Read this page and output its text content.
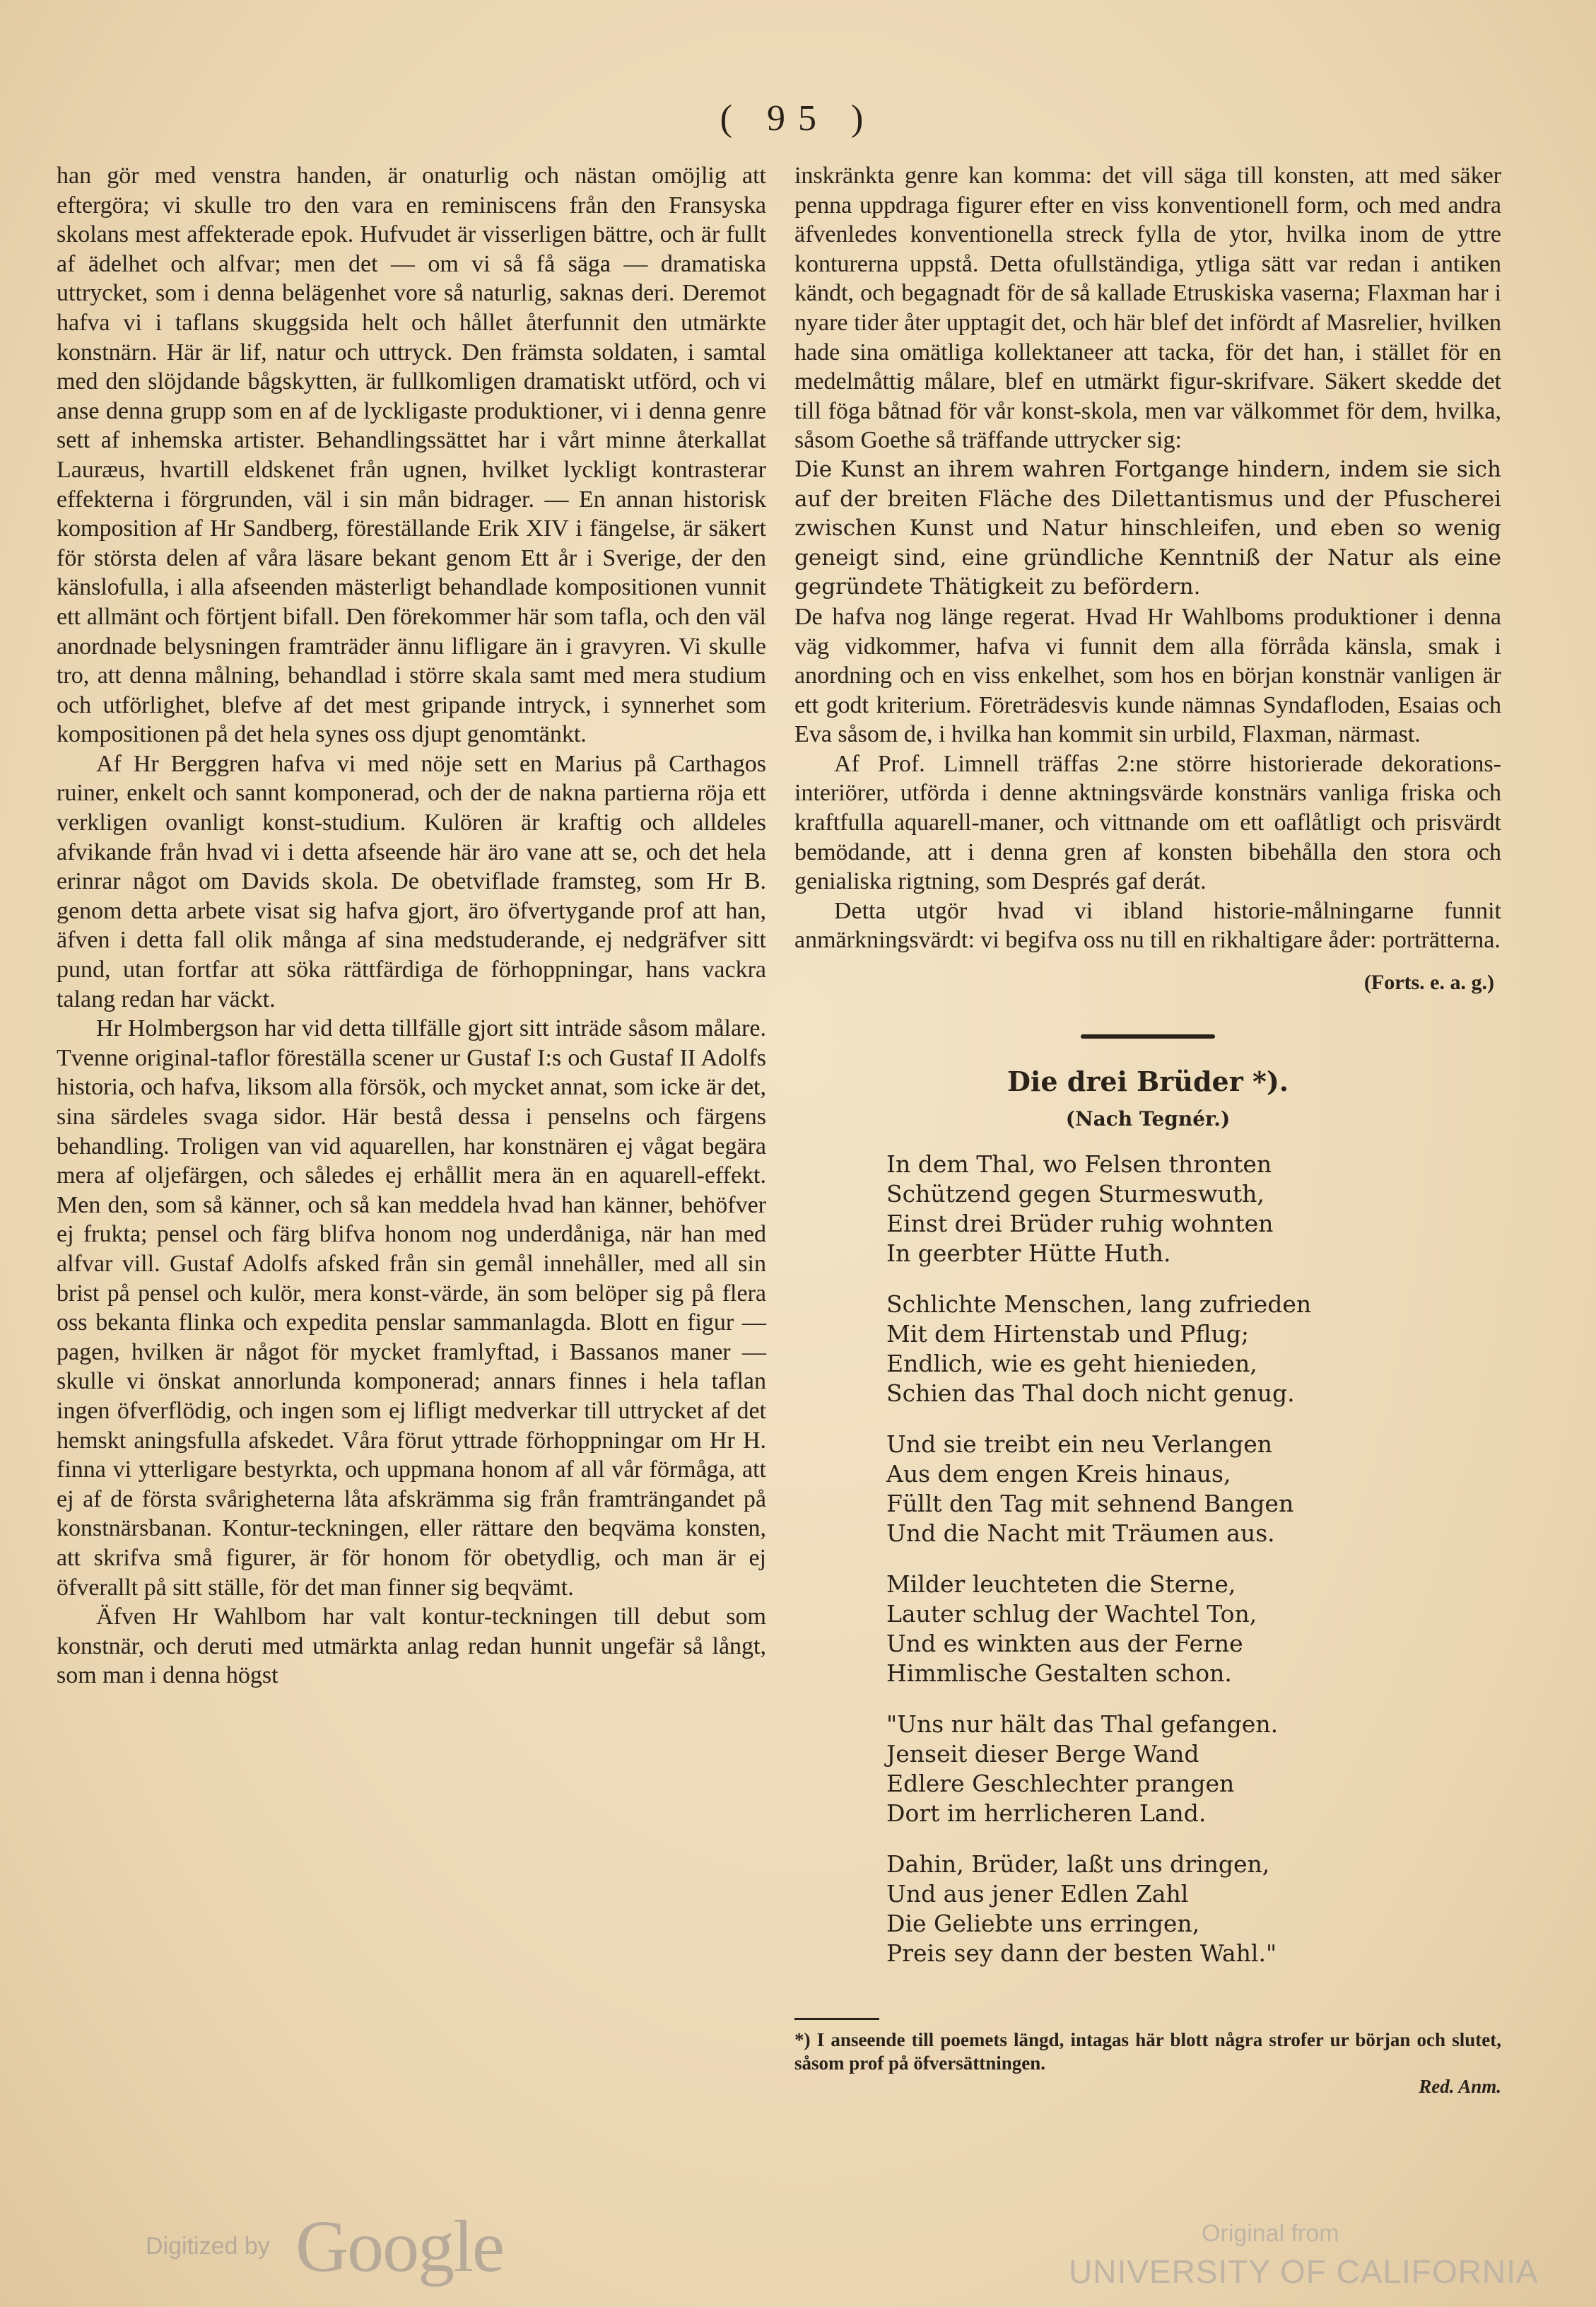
( 95 )

han gör med venstra handen, är onaturlig och nästan omöjlig att eftergöra; vi skulle tro den vara en reminiscens från den Fransyska skolans mest affekterade epok. Hufvudet är visserligen bättre, och är fullt af ädelhet och alfvar; men det — om vi så få säga — dramatiska uttrycket, som i denna belägenhet vore så naturlig, saknas deri. Deremot hafva vi i taflans skuggsida helt och hållet återfunnit den utmärkte konstnärn. Här är lif, natur och uttryck. Den främsta soldaten, i samtal med den slöjdande bågskytten, är fullkomligen dramatiskt utförd, och vi anse denna grupp som en af de lyckligaste produktioner, vi i denna genre sett af inhemska artister. Behandlingssättet har i vårt minne återkallat Lauræus, hvartill eldskenet från ugnen, hvilket lyckligt kontrasterar effekterna i förgrunden, väl i sin mån bidrager. — En annan historisk komposition af Hr Sandberg, föreställande Erik XIV i fängelse, är säkert för största delen af våra läsare bekant genom Ett år i Sverige, der den känslofulla, i alla afseenden mästerligt behandlade kompositionen vunnit ett allmänt och förtjent bifall. Den förekommer här som tafla, och den väl anordnade belysningen framträder ännu lifligare än i gravyren. Vi skulle tro, att denna målning, behandlad i större skala samt med mera studium och utförlighet, blefve af det mest gripande intryck, i synnerhet som kompositionen på det hela synes oss djupt genomtänkt.

Af Hr Berggren hafva vi med nöje sett en Marius på Carthagos ruiner, enkelt och sannt komponerad, och der de nakna partierna röja ett verkligen ovanligt konst-studium. Kulören är kraftig och alldeles afvikande från hvad vi i detta afseende här äro vane att se, och det hela erinrar något om Davids skola. De obetviflade framsteg, som Hr B. genom detta arbete visat sig hafva gjort, äro öfvertygande prof att han, äfven i detta fall olik många af sina medstuderande, ej nedgräfver sitt pund, utan fortfar att söka rättfärdiga de förhoppningar, hans vackra talang redan har väckt.

Hr Holmbergson har vid detta tillfälle gjort sitt inträde såsom målare. Tvenne original-taflor föreställa scener ur Gustaf I:s och Gustaf II Adolfs historia, och hafva, liksom alla försök, och mycket annat, som icke är det, sina särdeles svaga sidor. Här bestå dessa i penselns och färgens behandling. Troligen van vid aquarellen, har konstnären ej vågat begära mera af oljefärgen, och således ej erhållit mera än en aquarell-effekt. Men den, som så känner, och så kan meddela hvad han känner, behöfver ej frukta; pensel och färg blifva honom nog underdåniga, när han med alfvar vill. Gustaf Adolfs afsked från sin gemål innehåller, med all sin brist på pensel och kulör, mera konst-värde, än som belöper sig på flera oss bekanta flinka och expedita penslar sammanlagda. Blott en figur — pagen, hvilken är något för mycket framlyftad, i Bassanos maner — skulle vi önskat annorlunda komponerad; annars finnes i hela taflan ingen öfverflödig, och ingen som ej lifligt medverkar till uttrycket af det hemskt aningsfulla afskedet. Våra förut yttrade förhoppningar om Hr H. finna vi ytterligare bestyrkta, och uppmana honom af all vår förmåga, att ej af de första svårigheterna låta afskrämma sig från framträngandet på konstnärsbanan. Kontur-teckningen, eller rättare den beqväma konsten, att skrifva små figurer, är för honom för obetydlig, och man är ej öfverallt på sitt ställe, för det man finner sig beqvämt.

Äfven Hr Wahlbom har valt kontur-teckningen till debut som konstnär, och deruti med utmärkta anlag redan hunnit ungefär så långt, som man i denna högst

inskränkta genre kan komma: det vill säga till konsten, att med säker penna uppdraga figurer efter en viss konventionell form, och med andra äfvenledes konventionella streck fylla de ytor, hvilka inom de yttre konturerna uppstå. Detta ofullständiga, ytliga sätt var redan i antiken kändt, och begagnadt för de så kallade Etruskiska vaserna; Flaxman har i nyare tider åter upptagit det, och här blef det infördt af Masrelier, hvilken hade sina omätliga kollektaneer att tacka, för det han, i stället för en medelmåttig målare, blef en utmärkt figur-skrifvare. Säkert skedde det till föga båtnad för vår konst-skola, men var välkommet för dem, hvilka, såsom Goethe så träffande uttrycker sig:

Die Kunst an ihrem wahren Fortgange hindern, indem sie sich auf der breiten Fläche des Dilettantismus und der Pfuscherei zwischen Kunst und Natur hinschleifen, und eben so wenig geneigt sind, eine gründliche Kenntniß der Natur als eine gegründete Thätigkeit zu befördern.

De hafva nog länge regerat. Hvad Hr Wahlboms produktioner i denna väg vidkommer, hafva vi funnit dem alla förråda känsla, smak i anordning och en viss enkelhet, som hos en början konstnär vanligen är ett godt kriterium. Företrädesvis kunde nämnas Syndafloden, Esaias och Eva såsom de, i hvilka han kommit sin urbild, Flaxman, närmast.

Af Prof. Limnell träffas 2:ne större historierade dekorations-interiörer, utförda i denne aktningsvärde konstnärs vanliga friska och kraftfulla aquarell-maner, och vittnande om ett oaflåtligt och prisvärdt bemödande, att i denna gren af konsten bibehålla den stora och genialiska rigtning, som Després gaf derát.

Detta utgör hvad vi ibland historie-målningarne funnit anmärkningsvärdt: vi begifva oss nu till en rikhaltigare åder: porträtterna.

(Forts. e. a. g.)

Die drei Brüder *).

(Nach Tegnér.)

In dem Thal, wo Felsen thronten
Schützend gegen Sturmeswuth,
Einst drei Brüder ruhig wohnten
In geerbter Hütte Huth.
Schlichte Menschen, lang zufrieden
Mit dem Hirtenstab und Pflug;
Endlich, wie es geht hienieden,
Schien das Thal doch nicht genug.
Und sie treibt ein neu Verlangen
Aus dem engen Kreis hinaus,
Füllt den Tag mit sehnend Bangen
Und die Nacht mit Träumen aus.
Milder leuchteten die Sterne,
Lauter schlug der Wachtel Ton,
Und es winkten aus der Ferne
Himmlische Gestalten schon.
"Uns nur hält das Thal gefangen.
Jenseit dieser Berge Wand
Edlere Geschlechter prangen
Dort im herrlicheren Land.
Dahin, Brüder, laßt uns dringen,
Und aus jener Edlen Zahl
Die Geliebte uns erringen,
Preis sey dann der besten Wahl."

*) I anseende till poemets längd, intagas här blott några strofer ur början och slutet, såsom prof på öfversättningen.
Red. Anm.

Digitized by Google	Original from
UNIVERSITY OF CALIFORNIA
